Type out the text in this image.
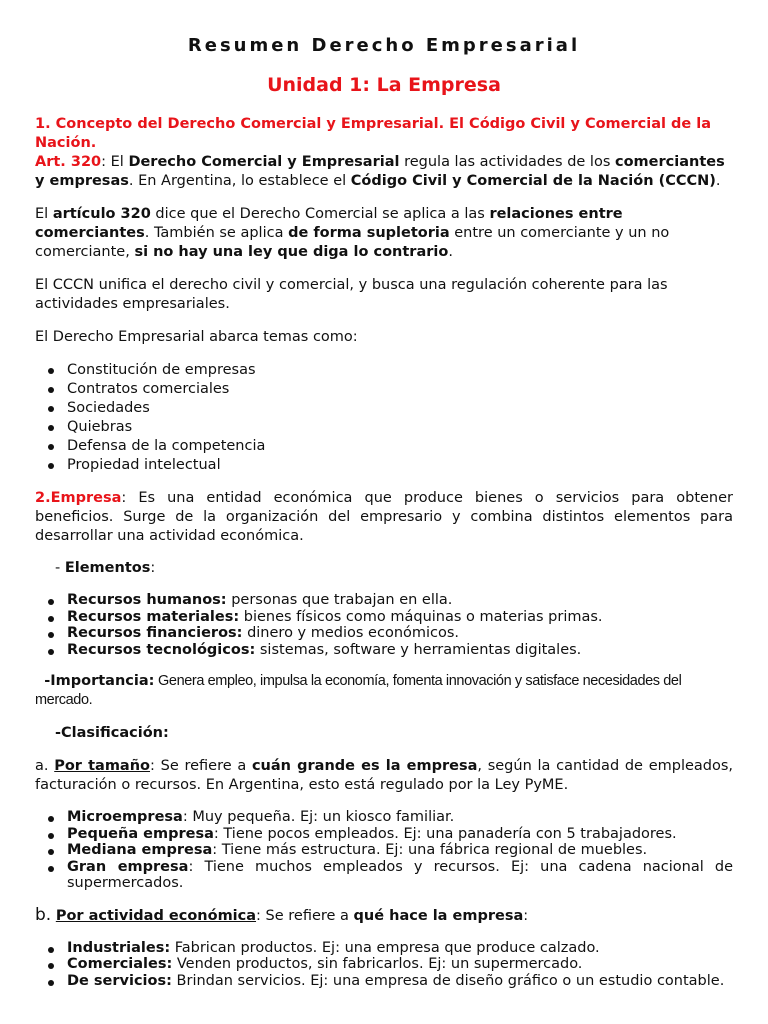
Resumen Derecho Empresarial
Unidad 1: La Empresa

1. Concepto del Derecho Comercial y Empresarial. El Código Civil y Comercial de la Nación.
Art. 320: El Derecho Comercial y Empresarial regula las actividades de los comerciantes y empresas. En Argentina, lo establece el Código Civil y Comercial de la Nación (CCCN).

El artículo 320 dice que el Derecho Comercial se aplica a las relaciones entre comerciantes. También se aplica de forma supletoria entre un comerciante y un no comerciante, si no hay una ley que diga lo contrario.

El CCCN unifica el derecho civil y comercial, y busca una regulación coherente para las actividades empresariales.

El Derecho Empresarial abarca temas como:

Constitución de empresas
Contratos comerciales
Sociedades
Quiebras
Defensa de la competencia
Propiedad intelectual

2.Empresa: Es una entidad económica que produce bienes o servicios para obtener beneficios. Surge de la organización del empresario y combina distintos elementos para desarrollar una actividad económica.

- Elementos:

Recursos humanos: personas que trabajan en ella.
Recursos materiales: bienes físicos como máquinas o materias primas.
Recursos financieros: dinero y medios económicos.
Recursos tecnológicos: sistemas, software y herramientas digitales.

-Importancia: Genera empleo, impulsa la economía, fomenta innovación y satisface necesidades del mercado.

-Clasificación:

a. Por tamaño: Se refiere a cuán grande es la empresa, según la cantidad de empleados, facturación o recursos. En Argentina, esto está regulado por la Ley PyME.

Microempresa: Muy pequeña. Ej: un kiosco familiar.
Pequeña empresa: Tiene pocos empleados. Ej: una panadería con 5 trabajadores.
Mediana empresa: Tiene más estructura. Ej: una fábrica regional de muebles.
Gran empresa: Tiene muchos empleados y recursos. Ej: una cadena nacional de supermercados.

b. Por actividad económica: Se refiere a qué hace la empresa:

Industriales: Fabrican productos. Ej: una empresa que produce calzado.
Comerciales: Venden productos, sin fabricarlos. Ej: un supermercado.
De servicios: Brindan servicios. Ej: una empresa de diseño gráfico o un estudio contable.
